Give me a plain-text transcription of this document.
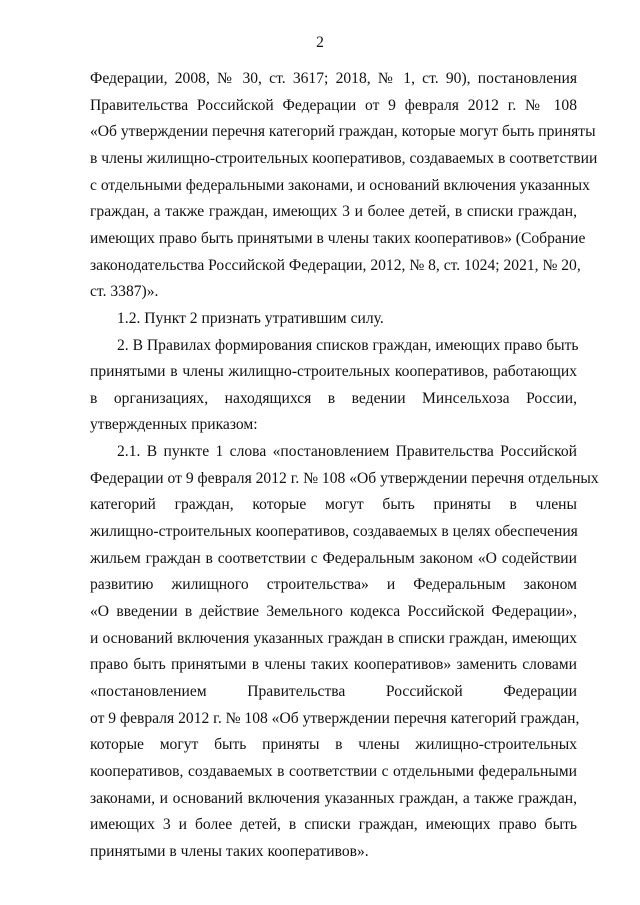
2
Федерации, 2008, № 30, ст. 3617; 2018, № 1, ст. 90), постановления
Правительства Российской Федерации от 9 февраля 2012 г. № 108
«Об утверждении перечня категорий граждан, которые могут быть приняты
в члены жилищно-строительных кооперативов, создаваемых в соответствии
с отдельными федеральными законами, и оснований включения указанных
граждан, а также граждан, имеющих 3 и более детей, в списки граждан,
имеющих право быть принятыми в члены таких кооперативов» (Собрание
законодательства Российской Федерации, 2012, № 8, ст. 1024; 2021, № 20,
ст. 3387)».
1.2. Пункт 2 признать утратившим силу.
2. В Правилах формирования списков граждан, имеющих право быть
принятыми в члены жилищно-строительных кооперативов, работающих
в организациях, находящихся в ведении Минсельхоза России,
утвержденных приказом:
2.1. В пункте 1 слова «постановлением Правительства Российской
Федерации от 9 февраля 2012 г. № 108 «Об утверждении перечня отдельных
категорий граждан, которые могут быть приняты в члены
жилищно-строительных кооперативов, создаваемых в целях обеспечения
жильем граждан в соответствии с Федеральным законом «О содействии
развитию жилищного строительства» и Федеральным законом
«О введении в действие Земельного кодекса Российской Федерации»,
и оснований включения указанных граждан в списки граждан, имеющих
право быть принятыми в члены таких кооперативов» заменить словами
«постановлением Правительства Российской Федерации
от 9 февраля 2012 г. № 108 «Об утверждении перечня категорий граждан,
которые могут быть приняты в члены жилищно-строительных
кооперативов, создаваемых в соответствии с отдельными федеральными
законами, и оснований включения указанных граждан, а также граждан,
имеющих 3 и более детей, в списки граждан, имеющих право быть
принятыми в члены таких кооперативов».
